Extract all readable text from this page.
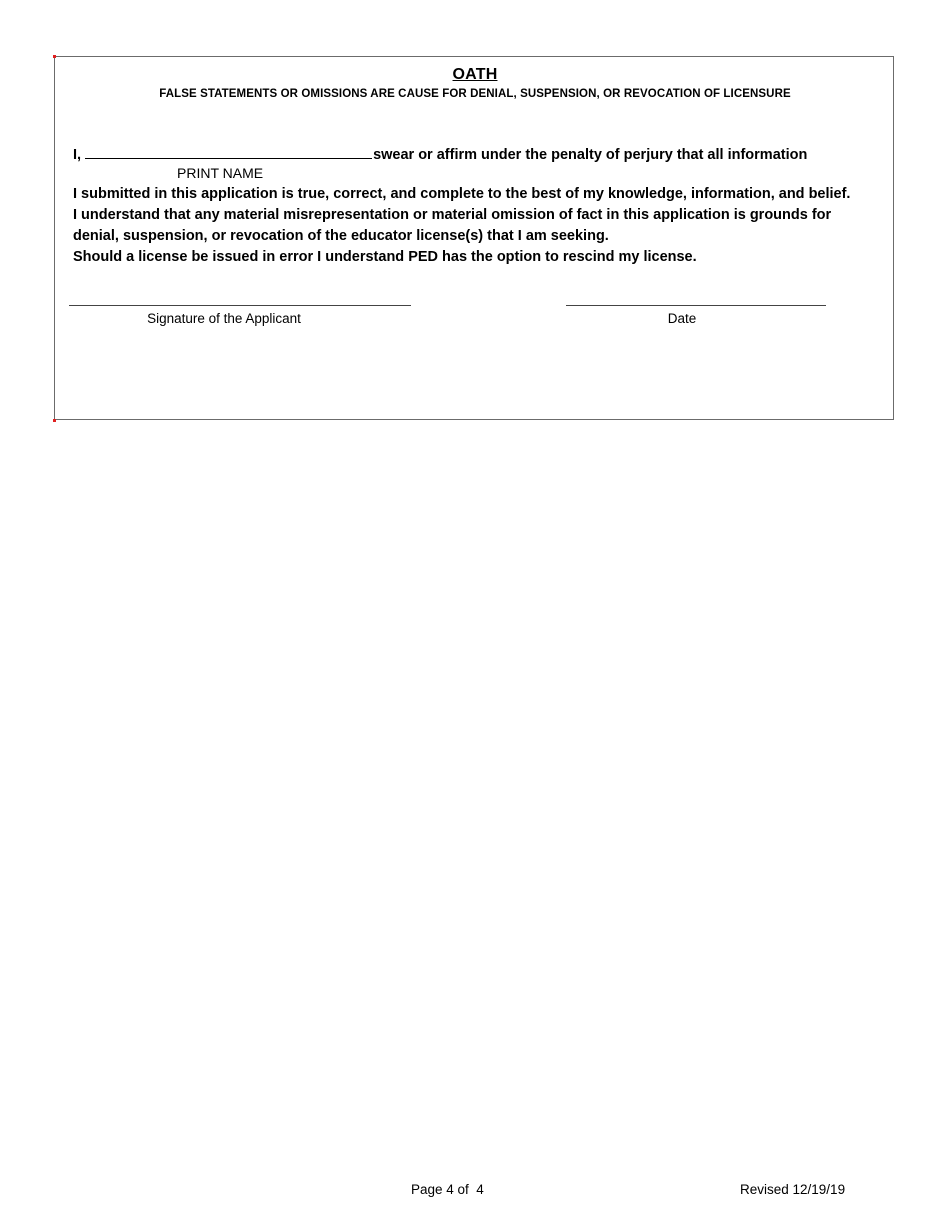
OATH
FALSE STATEMENTS OR OMISSIONS ARE CAUSE FOR DENIAL, SUSPENSION, OR REVOCATION OF LICENSURE
I,	swear or affirm under the penalty of perjury that all information
PRINT NAME
I submitted in this application is true, correct, and complete to the best of my knowledge, information, and belief.
I understand that any material misrepresentation or material omission of fact in this application is grounds for
denial, suspension, or revocation of the educator license(s) that I am seeking.
Should a license be issued in error I understand PED has the option to rescind my license.
Signature of the Applicant	Date
Page 4 of  4	Revised 12/19/19
